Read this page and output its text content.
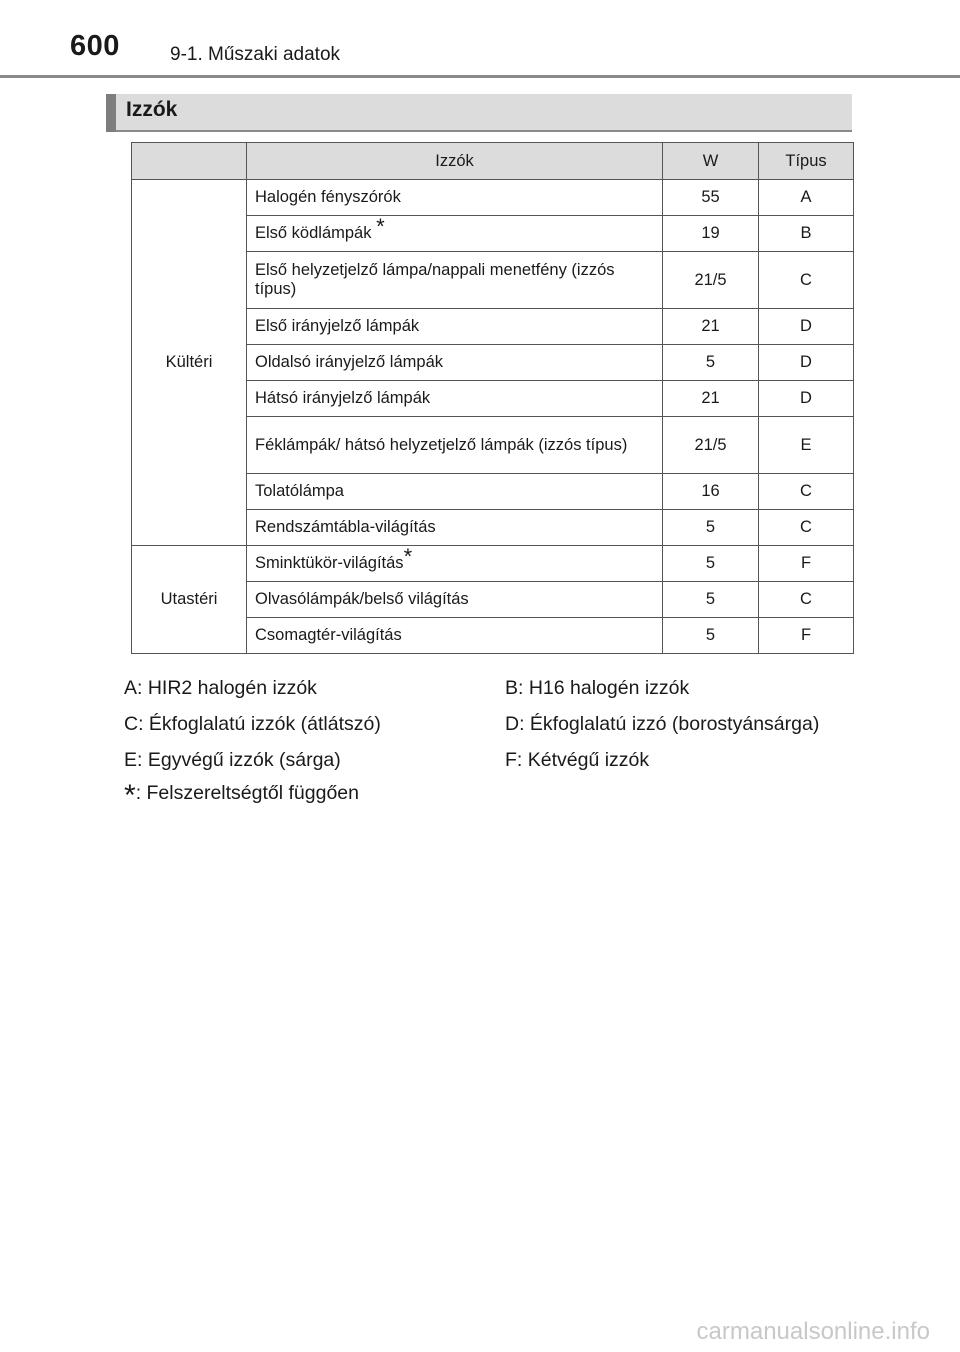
600	9-1. Műszaki adatok
Izzók
	Izzók	W	Típus
Kültéri	Halogén fényszórók	55	A
	Első ködlámpák *	19	B
	Első helyzetjelző lámpa/nappali menetfény (izzós típus)	21/5	C
	Első irányjelző lámpák	21	D
	Oldalsó irányjelző lámpák	5	D
	Hátsó irányjelző lámpák	21	D
	Féklámpák/ hátsó helyzetjelző lámpák (izzós típus)	21/5	E
	Tolatólámpa	16	C
	Rendszámtábla-világítás	5	C
Utastéri	Sminktükör-világítás*	5	F
	Olvasólámpák/belső világítás	5	C
	Csomagtér-világítás	5	F
A: HIR2 halogén izzók	B: H16 halogén izzók
C: Ékfoglalatú izzók (átlátszó)	D: Ékfoglalatú izzó (borostyánsárga)
E: Egyvégű izzók (sárga)	F: Kétvégű izzók
*: Felszereltségtől függően
carmanualsonline.info
